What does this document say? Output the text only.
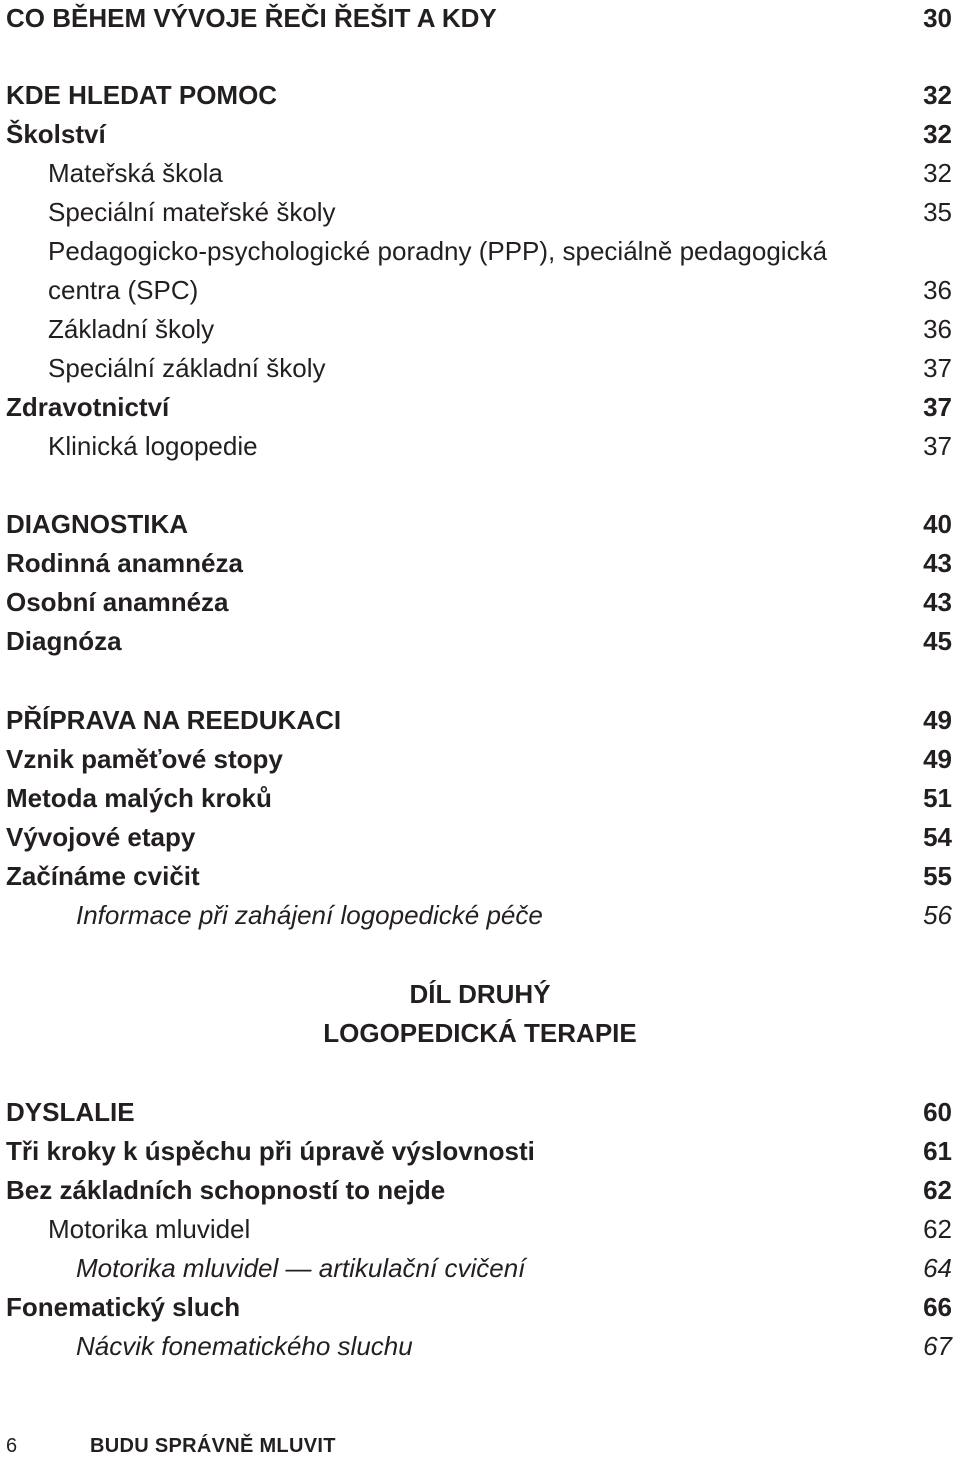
CO BĚHEM VÝVOJE ŘEČI ŘEŠIT A KDY	30
KDE HLEDAT POMOC	32
Školství	32
Mateřská škola	32
Speciální mateřské školy	35
Pedagogicko-psychologické poradny (PPP), speciálně pedagogická
centra (SPC)	36
Základní školy	36
Speciální základní školy	37
Zdravotnictví	37
Klinická logopedie	37
DIAGNOSTIKA	40
Rodinná anamnéza	43
Osobní anamnéza	43
Diagnóza	45
PŘÍPRAVA NA REEDUKACI	49
Vznik paměťové stopy	49
Metoda malých kroků	51
Vývojové etapy	54
Začínáme cvičit	55
Informace při zahájení logopedické péče	56
DÍL DRUHÝ
LOGOPEDICKÁ TERAPIE
DYSLALIE	60
Tři kroky k úspěchu při úpravě výslovnosti	61
Bez základních schopností to nejde	62
Motorika mluvidel	62
Motorika mluvidel — artikulační cvičení	64
Fonematický sluch	66
Nácvik fonematického sluchu	67
6	BUDU SPRÁVNĚ MLUVIT
